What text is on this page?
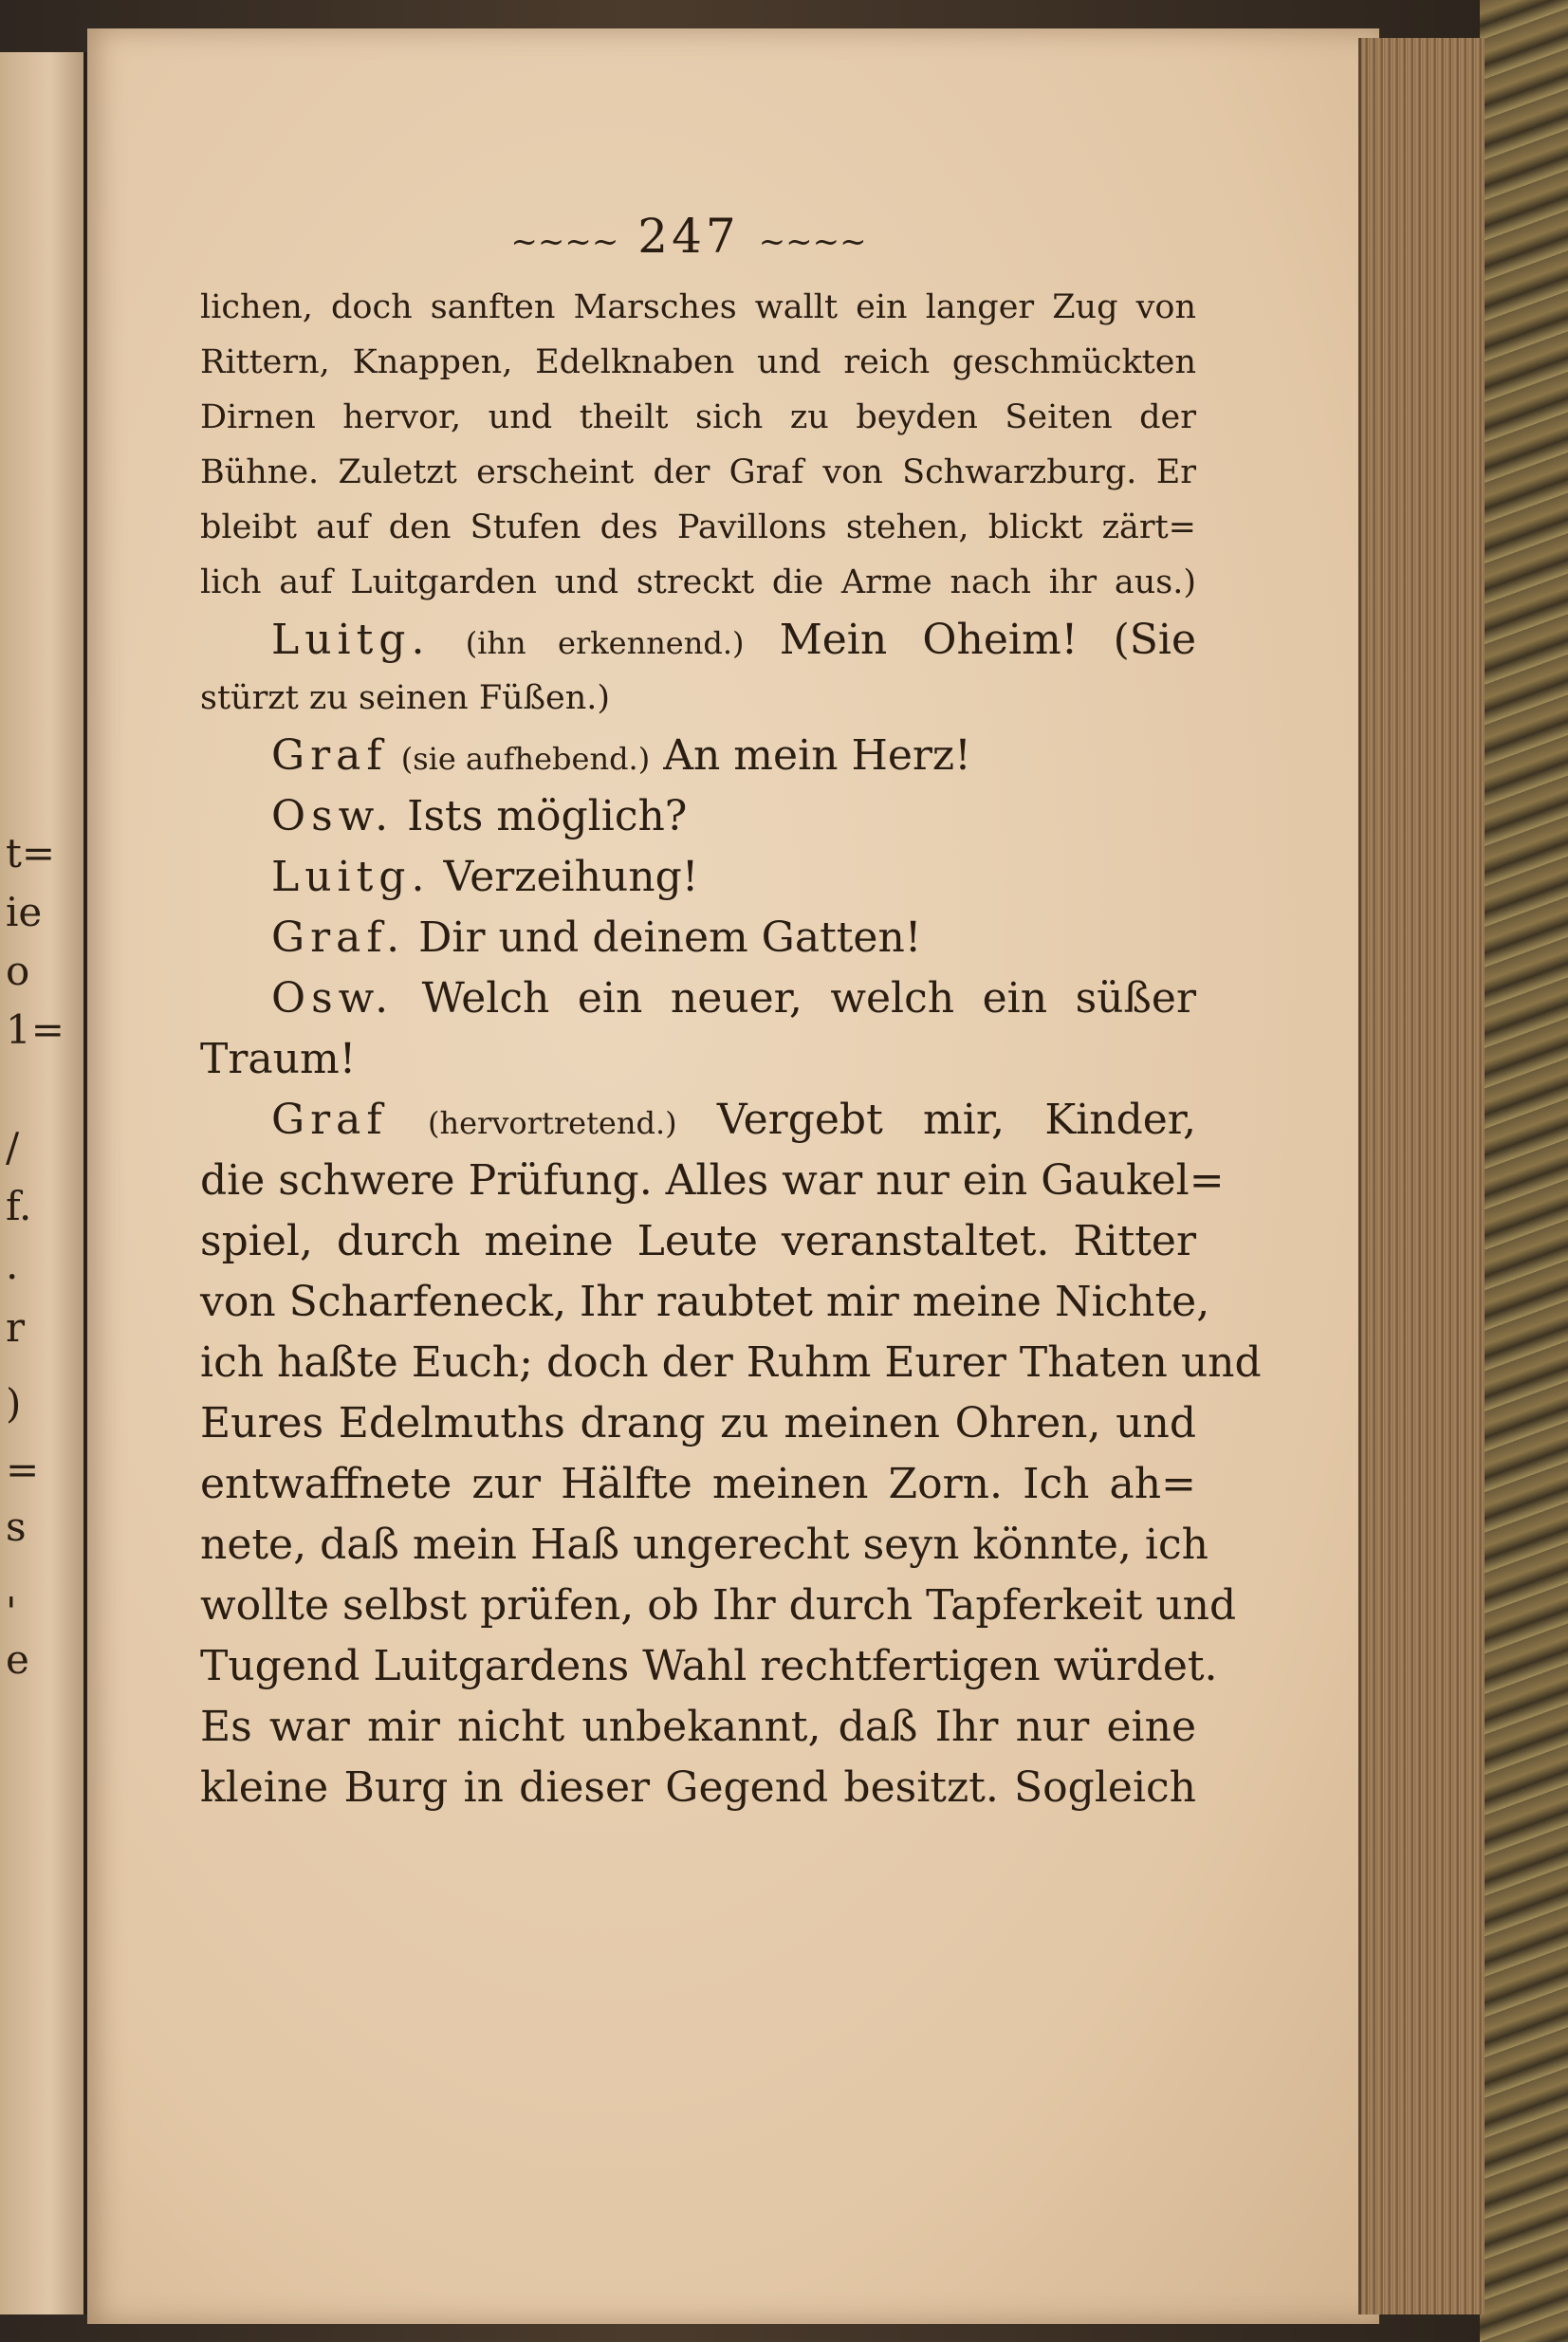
t=
ie
o
1=
/
f.
.
r
)
=
s
'
e
~~~~ 247 ~~~~
lichen, doch sanften Marsches wallt ein langer Zug von
Rittern, Knappen, Edelknaben und reich geschmückten
Dirnen hervor, und theilt sich zu beyden Seiten der
Bühne. Zuletzt erscheint der Graf von Schwarzburg. Er
bleibt auf den Stufen des Pavillons stehen, blickt zärt=
lich auf Luitgarden und streckt die Arme nach ihr aus.)
Luitg. (ihn erkennend.) Mein Oheim! (Sie
stürzt zu seinen Füßen.)
Graf (sie aufhebend.) An mein Herz!
Osw. Ists möglich?
Luitg. Verzeihung!
Graf. Dir und deinem Gatten!
Osw. Welch ein neuer, welch ein süßer
Traum!
Graf (hervortretend.) Vergebt mir, Kinder,
die schwere Prüfung. Alles war nur ein Gaukel=
spiel, durch meine Leute veranstaltet. Ritter
von Scharfeneck, Ihr raubtet mir meine Nichte,
ich haßte Euch; doch der Ruhm Eurer Thaten und
Eures Edelmuths drang zu meinen Ohren, und
entwaffnete zur Hälfte meinen Zorn. Ich ah=
nete, daß mein Haß ungerecht seyn könnte, ich
wollte selbst prüfen, ob Ihr durch Tapferkeit und
Tugend Luitgardens Wahl rechtfertigen würdet.
Es war mir nicht unbekannt, daß Ihr nur eine
kleine Burg in dieser Gegend besitzt. Sogleich
